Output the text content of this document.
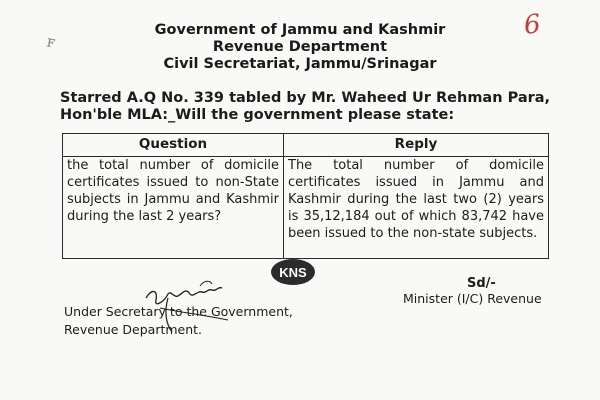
ꜰ
6
Government of Jammu and Kashmir
Revenue Department
Civil Secretariat, Jammu/Srinagar
Starred A.Q No. 339 tabled by Mr. Waheed Ur Rehman Para,
Hon'ble MLA:_Will the government please state:
Question	Reply
the total number of domicile certificates issued to non-State subjects in Jammu and Kashmir during the last 2 years?	The total number of domicile certificates issued in Jammu and Kashmir during the last two (2) years is 35,12,184 out of which 83,742 have been issued to the non-state subjects.
KNS
Sd/-
Minister (I/C) Revenue
Under Secretary to the Government,
Revenue Department.
